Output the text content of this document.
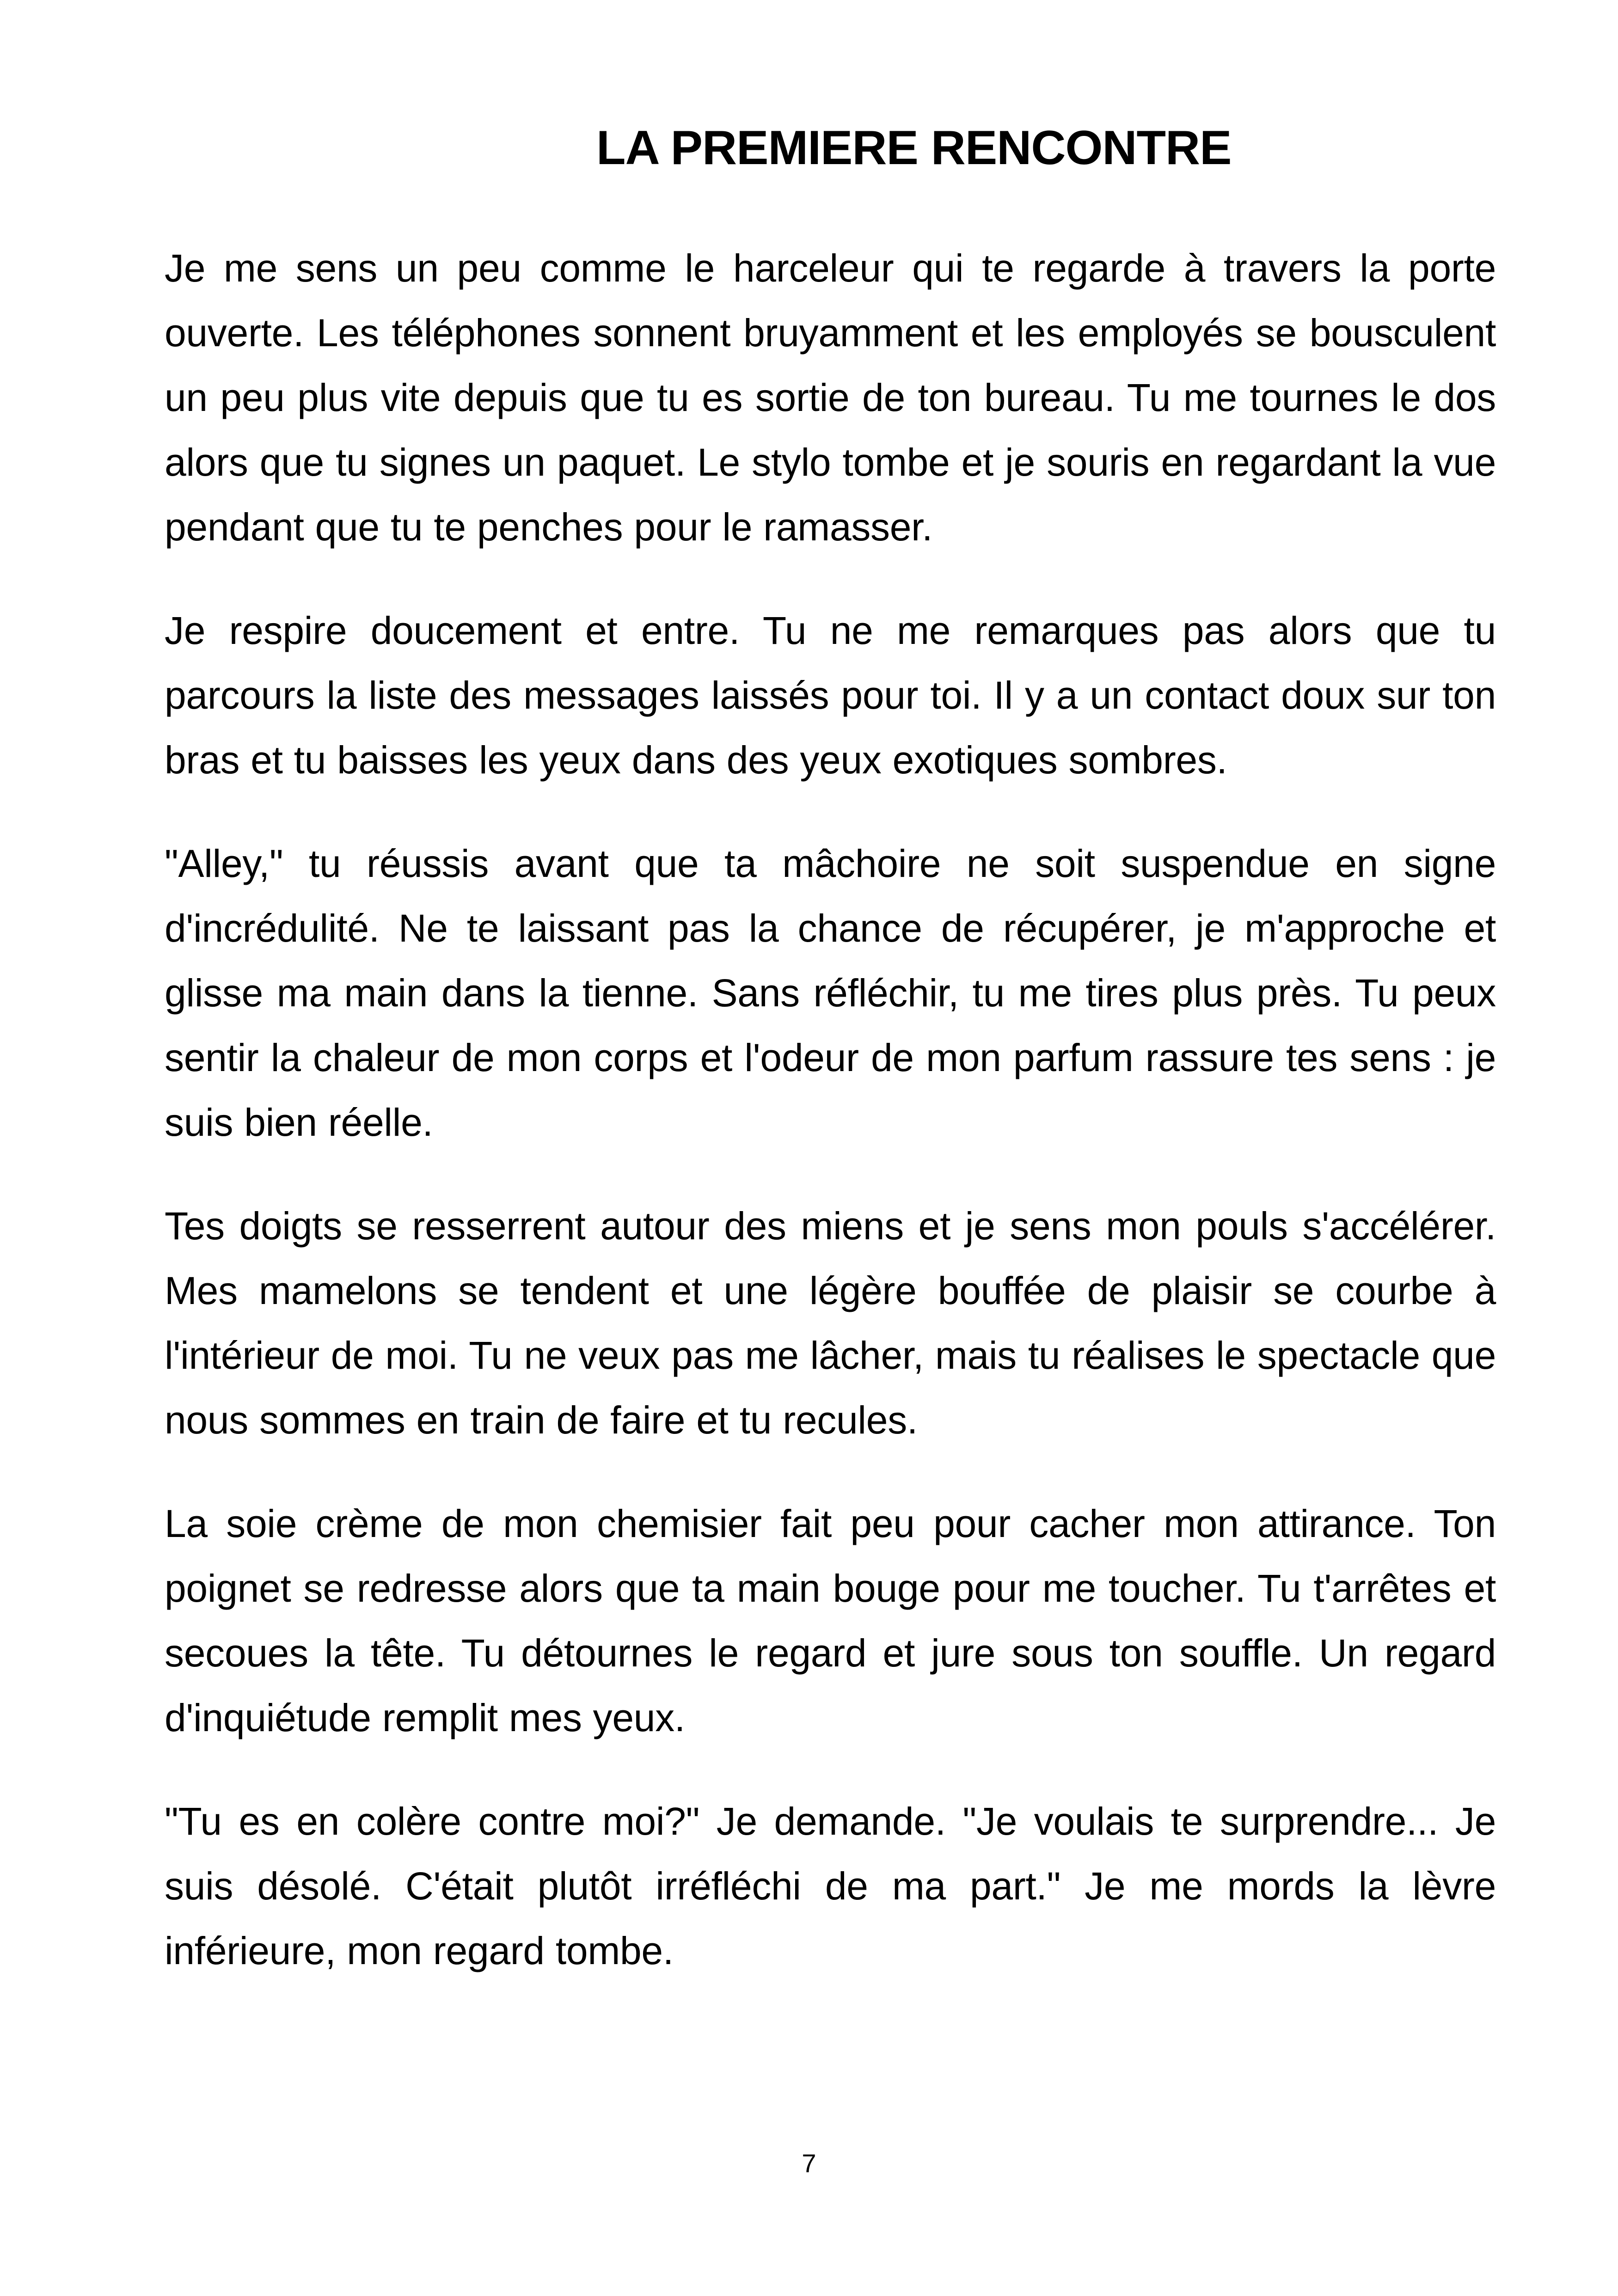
LA PREMIERE RENCONTRE

Je me sens un peu comme le harceleur qui te regarde à travers la porte ouverte. Les téléphones sonnent bruyamment et les employés se bousculent un peu plus vite depuis que tu es sortie de ton bureau. Tu me tournes le dos alors que tu signes un paquet. Le stylo tombe et je souris en regardant la vue pendant que tu te penches pour le ramasser.

Je respire doucement et entre. Tu ne me remarques pas alors que tu parcours la liste des messages laissés pour toi. Il y a un contact doux sur ton bras et tu baisses les yeux dans des yeux exotiques sombres.

"Alley," tu réussis avant que ta mâchoire ne soit suspendue en signe d'incrédulité. Ne te laissant pas la chance de récupérer, je m'approche et glisse ma main dans la tienne. Sans réfléchir, tu me tires plus près. Tu peux sentir la chaleur de mon corps et l'odeur de mon parfum rassure tes sens : je suis bien réelle.

Tes doigts se resserrent autour des miens et je sens mon pouls s'accélérer. Mes mamelons se tendent et une légère bouffée de plaisir se courbe à l'intérieur de moi. Tu ne veux pas me lâcher, mais tu réalises le spectacle que nous sommes en train de faire et tu recules.

La soie crème de mon chemisier fait peu pour cacher mon attirance. Ton poignet se redresse alors que ta main bouge pour me toucher. Tu t'arrêtes et secoues la tête. Tu détournes le regard et jure sous ton souffle. Un regard d'inquiétude remplit mes yeux.

"Tu es en colère contre moi?" Je demande. "Je voulais te surprendre... Je suis désolé. C'était plutôt irréfléchi de ma part." Je me mords la lèvre inférieure, mon regard tombe.

7
